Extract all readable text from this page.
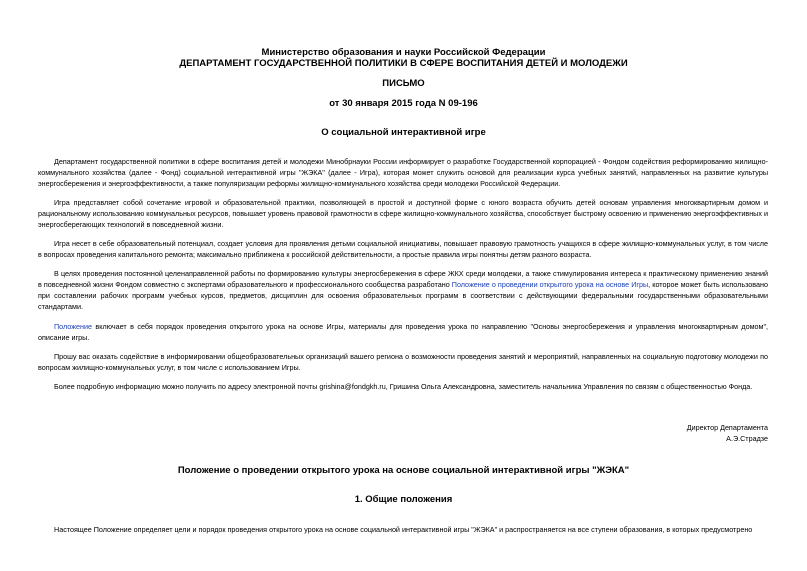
Министерство образования и науки Российской Федерации
ДЕПАРТАМЕНТ ГОСУДАРСТВЕННОЙ ПОЛИТИКИ В СФЕРЕ ВОСПИТАНИЯ ДЕТЕЙ И МОЛОДЕЖИ
ПИСЬМО
от 30 января 2015 года N 09-196
О социальной интерактивной игре
Департамент государственной политики в сфере воспитания детей и молодежи Минобрнауки России информирует о разработке Государственной корпорацией - Фондом содействия реформированию жилищно-коммунального хозяйства (далее - Фонд) социальной интерактивной игры "ЖЭКА" (далее - Игра), которая может служить основой для реализации курса учебных занятий, направленных на развитие культуры энергосбережения и энергоэффективности, а также популяризации реформы жилищно-коммунального хозяйства среди молодежи Российской Федерации.
Игра представляет собой сочетание игровой и образовательной практики, позволяющей в простой и доступной форме с юного возраста обучить детей основам управления многоквартирным домом и рациональному использованию коммунальных ресурсов, повышает уровень правовой грамотности в сфере жилищно-коммунального хозяйства, способствует быстрому освоению и применению энергоэффективных и энергосберегающих технологий в повседневной жизни.
Игра несет в себе образовательный потенциал, создает условия для проявления детьми социальной инициативы, повышает правовую грамотность учащихся в сфере жилищно-коммунальных услуг, в том числе в вопросах проведения капитального ремонта; максимально приближена к российской действительности, а простые правила игры понятны детям разного возраста.
В целях проведения постоянной целенаправленной работы по формированию культуры энергосбережения в сфере ЖКХ среди молодежи, а также стимулирования интереса к практическому применению знаний в повседневной жизни Фондом совместно с экспертами образовательного и профессионального сообщества разработано Положение о проведении открытого урока на основе Игры, которое может быть использовано при составлении рабочих программ учебных курсов, предметов, дисциплин для освоения образовательных программ в соответствии с действующими федеральными государственными образовательными стандартами.
Положение включает в себя порядок проведения открытого урока на основе Игры, материалы для проведения урока по направлению "Основы энергосбережения и управления многоквартирным домом", описание игры.
Прошу вас оказать содействие в информировании общеобразовательных организаций вашего региона о возможности проведения занятий и мероприятий, направленных на социальную подготовку молодежи по вопросам жилищно-коммунальных услуг, в том числе с использованием Игры.
Более подробную информацию можно получить по адресу электронной почты grishina@fondgkh.ru, Гришина Ольга Александровна, заместитель начальника Управления по связям с общественностью Фонда.
Директор Департамента
А.Э.Страдзе
Положение о проведении открытого урока на основе социальной интерактивной игры "ЖЭКА"
1. Общие положения
Настоящее Положение определяет цели и порядок проведения открытого урока на основе социальной интерактивной игры "ЖЭКА" и распространяется на все ступени образования, в которых предусмотрено
